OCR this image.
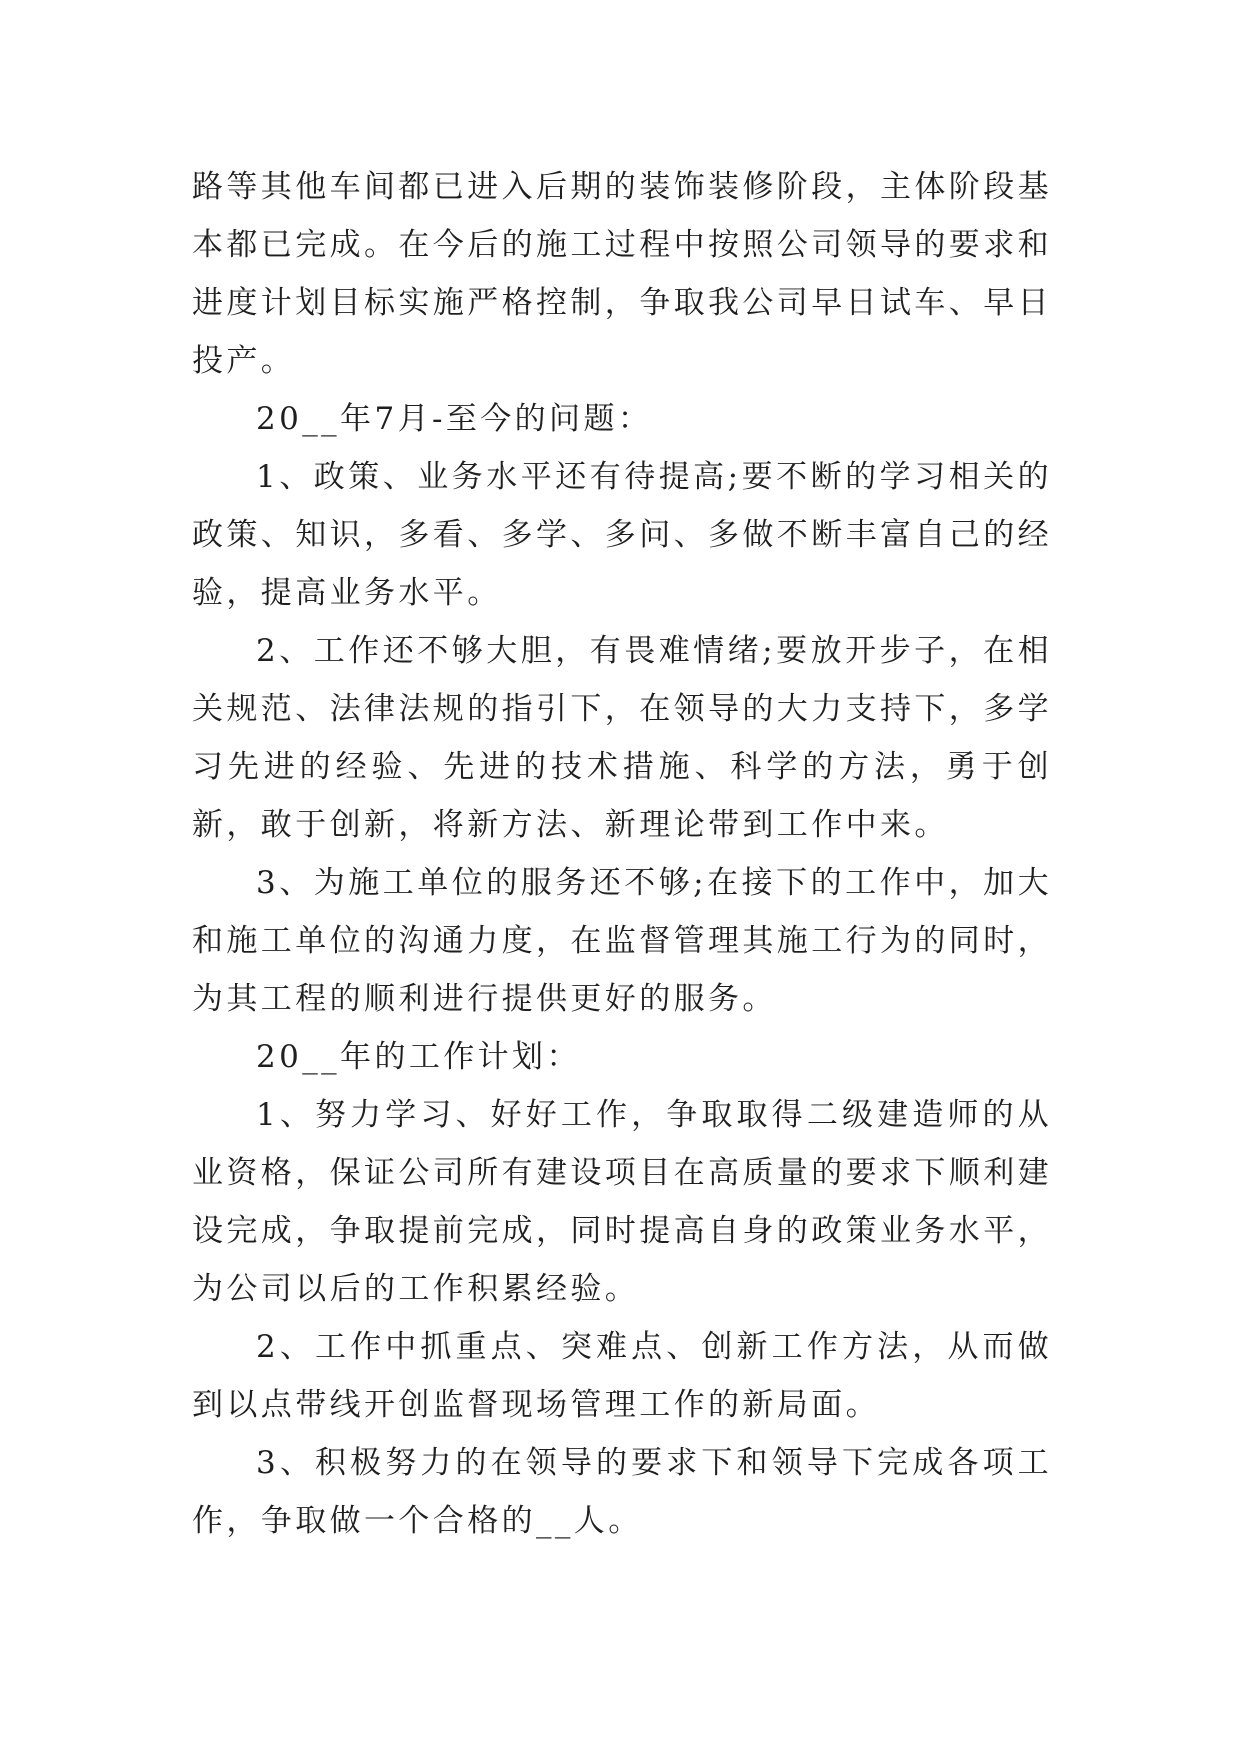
路等其他车间都已进入后期的装饰装修阶段，主体阶段基本都已完成。在今后的施工过程中按照公司领导的要求和进度计划目标实施严格控制，争取我公司早日试车、早日投产。

20__年7月-至今的问题：

1、政策、业务水平还有待提高;要不断的学习相关的政策、知识，多看、多学、多问、多做不断丰富自己的经验，提高业务水平。

2、工作还不够大胆，有畏难情绪;要放开步子，在相关规范、法律法规的指引下，在领导的大力支持下，多学习先进的经验、先进的技术措施、科学的方法，勇于创新，敢于创新，将新方法、新理论带到工作中来。

3、为施工单位的服务还不够;在接下的工作中，加大和施工单位的沟通力度，在监督管理其施工行为的同时，为其工程的顺利进行提供更好的服务。

20__年的工作计划：

1、努力学习、好好工作，争取取得二级建造师的从业资格，保证公司所有建设项目在高质量的要求下顺利建设完成，争取提前完成，同时提高自身的政策业务水平，为公司以后的工作积累经验。

2、工作中抓重点、突难点、创新工作方法，从而做到以点带线开创监督现场管理工作的新局面。

3、积极努力的在领导的要求下和领导下完成各项工作，争取做一个合格的__人。
